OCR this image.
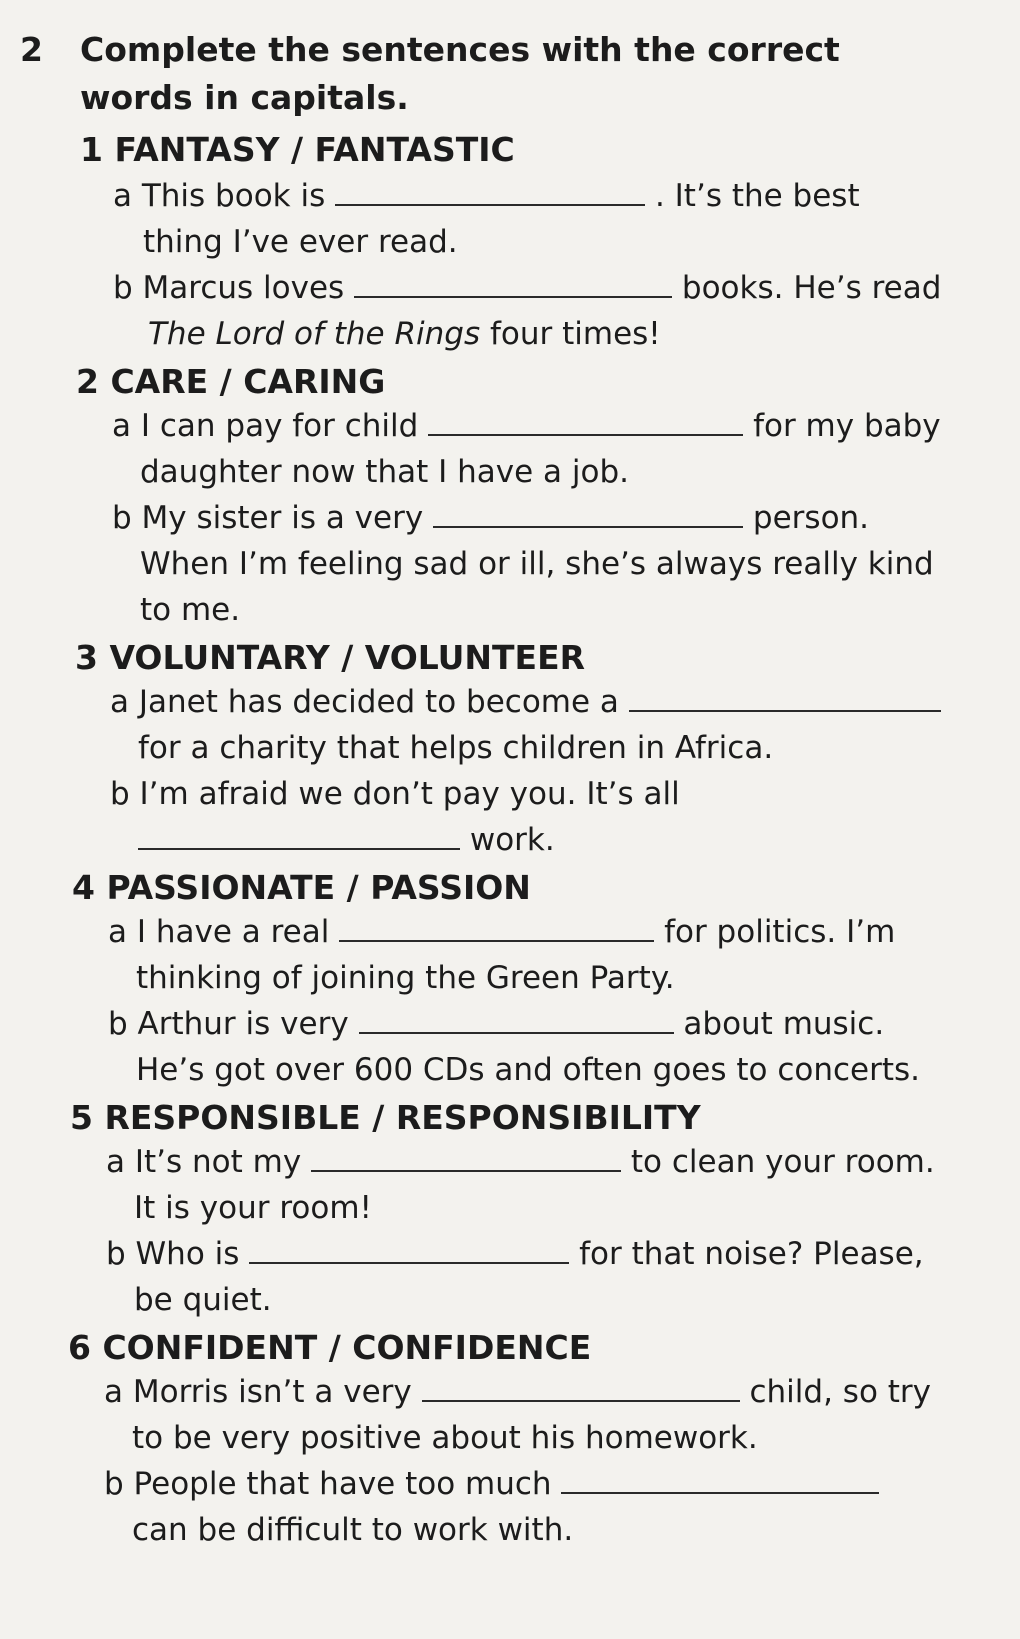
2 Complete the sentences with the correct words in capitals.
1 FANTASY / FANTASTIC
a This book is	. It’s the best
thing I’ve ever read.
b Marcus loves	books. He’s read
The Lord of the Rings four times!
2 CARE / CARING
a I can pay for child	for my baby
daughter now that I have a job.
b My sister is a very	person.
When I’m feeling sad or ill, she’s always really kind
to me.
3 VOLUNTARY / VOLUNTEER
a Janet has decided to become a
for a charity that helps children in Africa.
b I’m afraid we don’t pay you. It’s all
work.
4 PASSIONATE / PASSION
a I have a real	for politics. I’m
thinking of joining the Green Party.
b Arthur is very	about music.
He’s got over 600 CDs and often goes to concerts.
5 RESPONSIBLE / RESPONSIBILITY
a It’s not my	to clean your room.
It is your room!
b Who is	for that noise? Please,
be quiet.
6 CONFIDENT / CONFIDENCE
a Morris isn’t a very	child, so try
to be very positive about his homework.
b People that have too much
can be difficult to work with.
